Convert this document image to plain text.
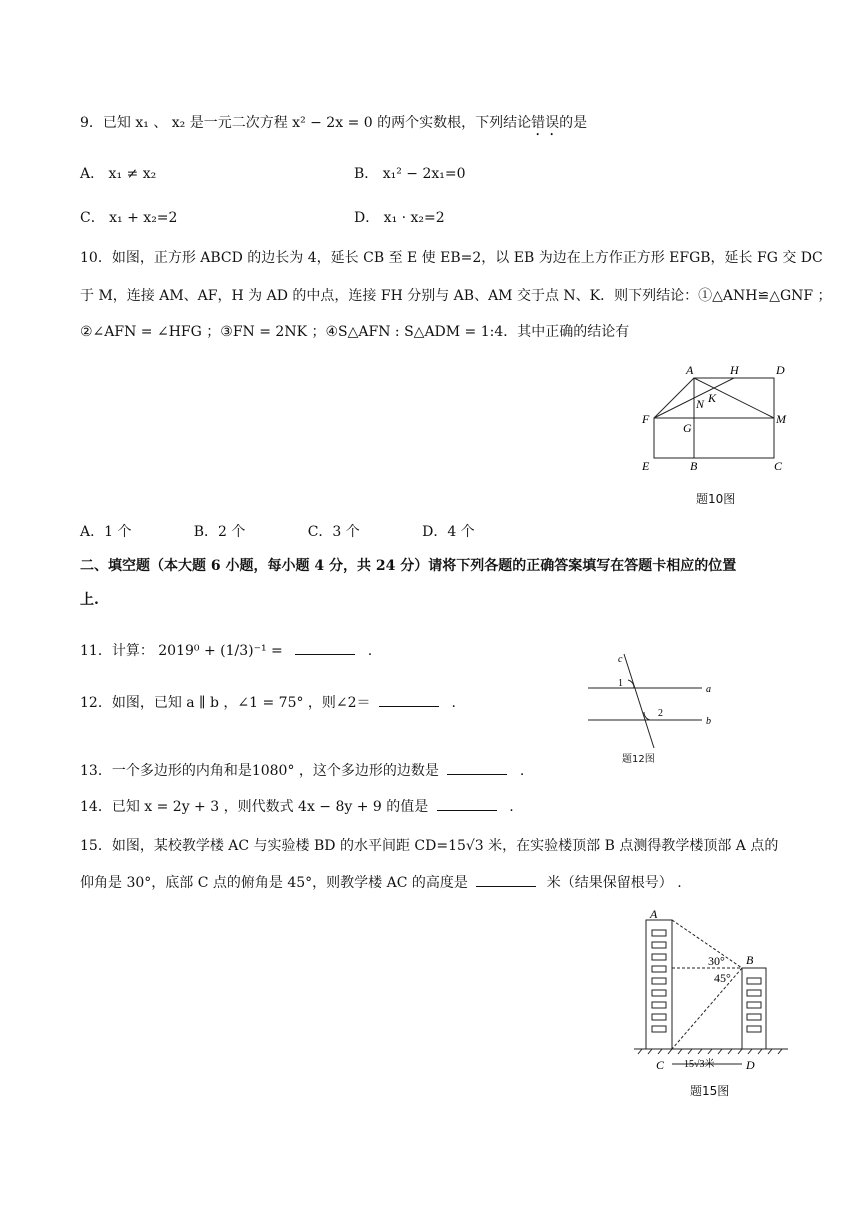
9．已知 x₁ 、 x₂ 是一元二次方程 x² − 2x = 0 的两个实数根，下列结论错误的是
A． x₁ ≠ x₂	B． x₁² − 2x₁=0
C． x₁ + x₂=2	D． x₁ · x₂=2
10．如图，正方形 ABCD 的边长为 4，延长 CB 至 E 使 EB=2，以 EB 为边在上方作正方形 EFGB，延长 FG 交 DC
于 M，连接 AM、AF，H 为 AD 的中点，连接 FH 分别与 AB、AM 交于点 N、K．则下列结论：①△ANH≌△GNF ；
②∠AFN = ∠HFG ；③FN = 2NK ；④S△AFN : S△ADM = 1:4．其中正确的结论有
A	H	D
N K
F
G
M
E	B	C
题10图
A．1 个              B．2 个              C．3 个              D．4 个
二、填空题（本大题 6 小题，每小题 4 分，共 24 分）请将下列各题的正确答案填写在答题卡相应的位置
上.
11．计算： 2019⁰ + (1/3)⁻¹ =	.
12．如图，已知 a ∥ b ，∠1 = 75° ，则∠2＝	.
c
a
b
1
2
题12图
13．一个多边形的内角和是1080° ，这个多边形的边数是	.
14．已知 x = 2y + 3 ，则代数式 4x − 8y + 9 的值是	.
15．如图，某校教学楼 AC 与实验楼 BD 的水平间距 CD=15√3 米，在实验楼顶部 B 点测得教学楼顶部 A 点的
仰角是 30°，底部 C 点的俯角是 45°，则教学楼 AC 的高度是	米（结果保留根号） .
A
B
C	D
30°
45°
15√3米
题15图
